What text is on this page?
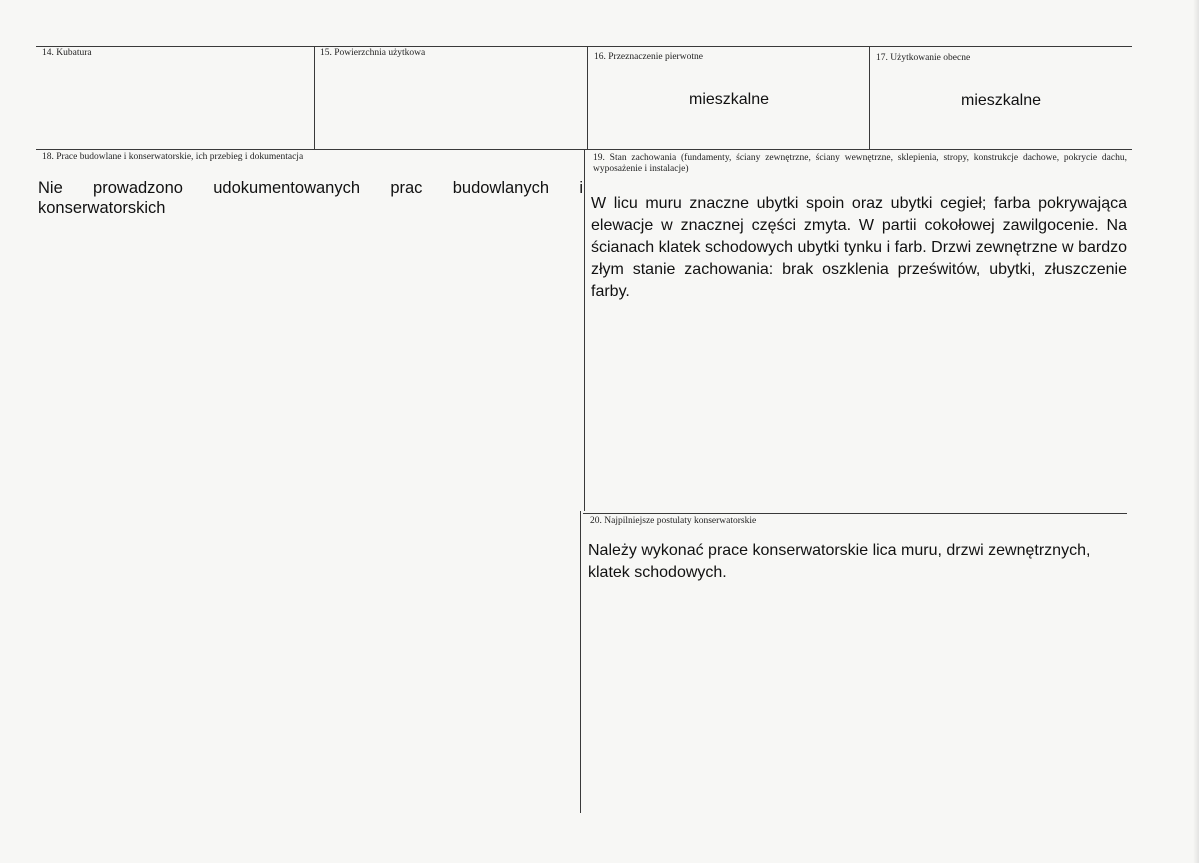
14. Kubatura	15. Powierzchnia użytkowa	16. Przeznaczenie pierwotne
mieszkalne
17. Użytkowanie obecne
mieszkalne
18. Prace budowlane i konserwatorskie, ich przebieg i dokumentacja
Nie prowadzono udokumentowanych prac budowlanych i konserwatorskich
19. Stan zachowania (fundamenty, ściany zewnętrzne, ściany wewnętrzne, sklepienia, stropy, konstrukcje dachowe, pokrycie dachu, wyposażenie i instalacje)
W licu muru znaczne ubytki spoin oraz ubytki cegieł; farba pokrywająca elewacje w znacznej części zmyta. W partii cokołowej zawilgocenie. Na ścianach klatek schodowych ubytki tynku i farb. Drzwi zewnętrzne w bardzo złym stanie zachowania: brak oszklenia prześwitów, ubytki, złuszczenie farby.
20. Najpilniejsze postulaty konserwatorskie
Należy wykonać prace konserwatorskie lica muru, drzwi zewnętrznych, klatek schodowych.
